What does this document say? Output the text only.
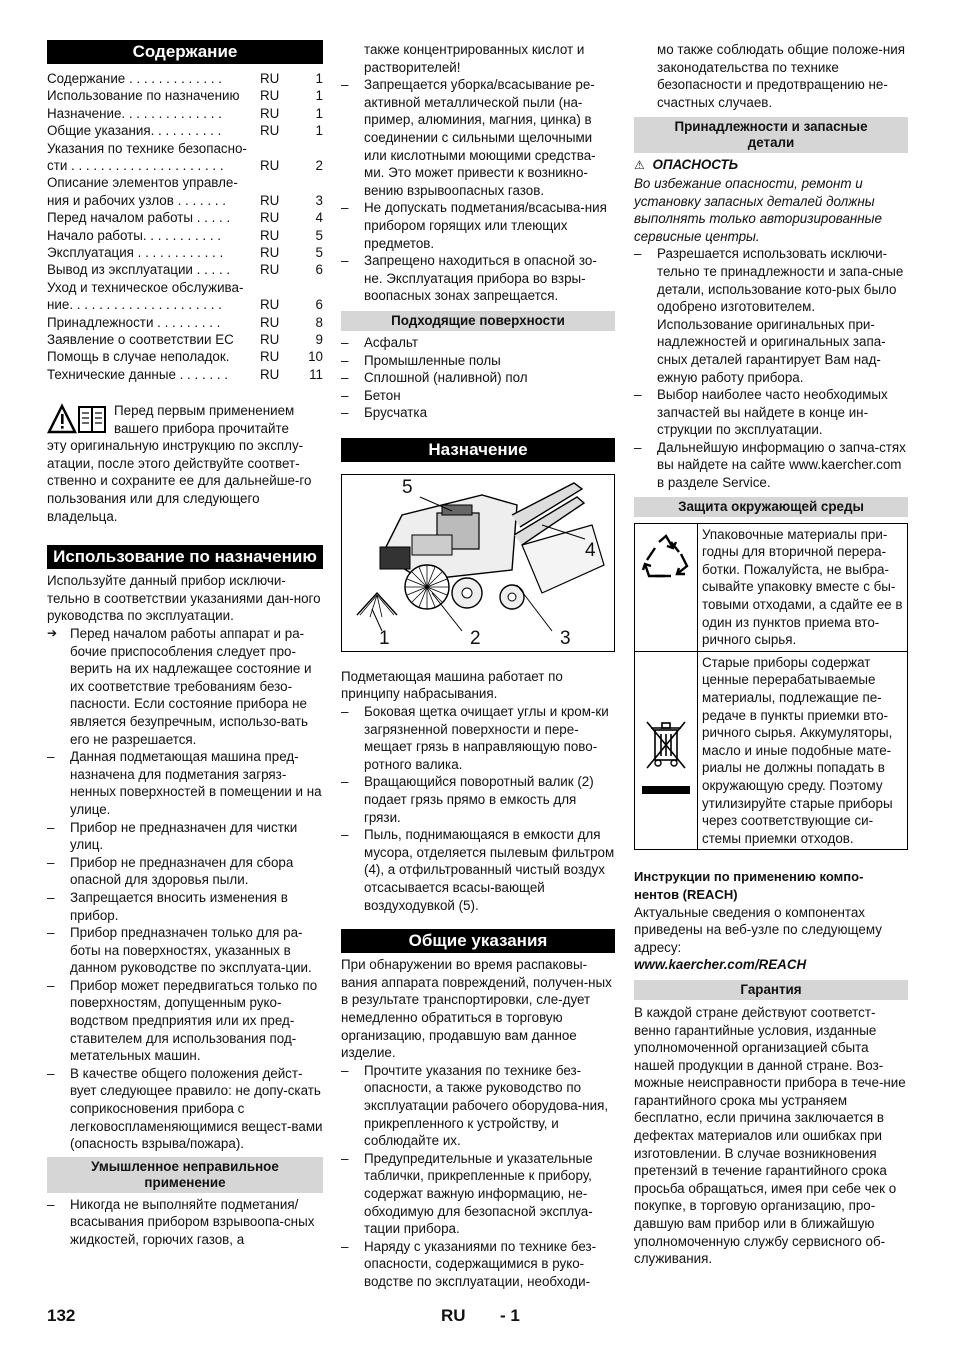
Содержание
Содержание . . . . . . . . . . . . .	RU	1
Использование по назначению	RU	1
Назначение. . . . . . . . . . . . . .	RU	1
Общие указания. . . . . . . . . .	RU	1
Указания по технике безопасно-
сти . . . . . . . . . . . . . . . . . . . . .	RU	2
Описание элементов управле-
ния и рабочих узлов . . . . . . .	RU	3
Перед началом работы . . . . .	RU	4
Начало работы. . . . . . . . . . .	RU	5
Эксплуатация . . . . . . . . . . . .	RU	5
Вывод из эксплуатации . . . . .	RU	6
Уход и техническое обслужива-
ние. . . . . . . . . . . . . . . . . . . . .	RU	6
Принадлежности . . . . . . . . .	RU	8
Заявление о соответствии ЕС	RU	9
Помощь в случае неполадок.	RU	10
Технические данные . . . . . . .	RU	11
Перед первым применением
вашего прибора прочитайте
эту оригинальную инструкцию по эксплу-атации, после этого действуйте соответ-ственно и сохраните ее для дальнейше-го пользования или для следующего владельца.
Использование по назначению
Используйте данный прибор исключи-тельно в соответствии указаниями дан-ного руководства по эксплуатации.
➔ Перед началом работы аппарат и ра-бочие приспособления следует про-верить на их надлежащее состояние и их соответствие требованиям безо-пасности. Если состояние прибора не является безупречным, использо-вать его не разрешается.
– Данная подметающая машина пред-назначена для подметания загряз-ненных поверхностей в помещении и на улице.
– Прибор не предназначен для чистки улиц.
– Прибор не предназначен для сбора опасной для здоровья пыли.
– Запрещается вносить изменения в прибор.
– Прибор предназначен только для ра-боты на поверхностях, указанных в данном руководстве по эксплуата-ции.
– Прибор может передвигаться только по поверхностям, допущенным руко-водством предприятия или их пред-ставителем для использования под-метательных машин.
– В качестве общего положения дейст-вует следующее правило: не допу-скать соприкосновения прибора с легковоспламеняющимися вещест-вами (опасность взрыва/пожара).
Умышленное неправильное применение
– Никогда не выполняйте подметания/ всасывания прибором взрывоопа-сных жидкостей, горючих газов, а
также концентрированных кислот и растворителей!
– Запрещается уборка/всасывание ре-активной металлической пыли (на-пример, алюминия, магния, цинка) в соединении с сильными щелочными или кислотными моющими средства-ми. Это может привести к возникно-вению взрывоопасных газов.
– Не допускать подметания/всасыва-ния прибором горящих или тлеющих предметов.
– Запрещено находиться в опасной зо-не. Эксплуатация прибора во взры-воопасных зонах запрещается.
Подходящие поверхности
– Асфальт
– Промышленные полы
– Сплошной (наливной) пол
– Бетон
– Брусчатка
Назначение
5
4
1	2	3
Подметающая машина работает по принципу набрасывания.
– Боковая щетка очищает углы и кром-ки загрязненной поверхности и пере-мещает грязь в направляющую пово-ротного валика.
– Вращающийся поворотный валик (2) подает грязь прямо в емкость для грязи.
– Пыль, поднимающаяся в емкости для мусора, отделяется пылевым фильтром (4), а отфильтрованный чистый воздух отсасывается всасы-вающей воздуходувкой (5).
Общие указания
При обнаружении во время распаковы-вания аппарата повреждений, получен-ных в результате транспортировки, сле-дует немедленно обратиться в торговую организацию, продавшую вам данное изделие.
– Прочтите указания по технике без-опасности, а также руководство по эксплуатации рабочего оборудова-ния, прикрепленного к устройству, и соблюдайте их.
– Предупредительные и указательные таблички, прикрепленные к прибору, содержат важную информацию, не-обходимую для безопасной эксплуа-тации прибора.
– Наряду с указаниями по технике без-опасности, содержащимися в руко-водстве по эксплуатации, необходи-
мо также соблюдать общие положе-ния законодательства по технике безопасности и предотвращению не-счастных случаев.
Принадлежности и запасные детали
⚠ ОПАСНОСТЬ
Во избежание опасности, ремонт и установку запасных деталей должны выполнять только авторизированные сервисные центры.
– Разрешается использовать исключи-тельно те принадлежности и запа-сные детали, использование кото-рых было одобрено изготовителем. Использование оригинальных при-надлежностей и оригинальных запа-сных деталей гарантирует Вам над-ежную работу прибора.
– Выбор наиболее часто необходимых запчастей вы найдете в конце ин-струкции по эксплуатации.
– Дальнейшую информацию о запча-стях вы найдете на сайте www.kaercher.com в разделе Service.
Защита окружающей среды
Упаковочные материалы при-годны для вторичной перера-ботки. Пожалуйста, не выбра-сывайте упаковку вместе с бы-товыми отходами, а сдайте ее в один из пунктов приема вто-ричного сырья.
Старые приборы содержат ценные перерабатываемые материалы, подлежащие пе-редаче в пункты приемки вто-ричного сырья. Аккумуляторы, масло и иные подобные мате-риалы не должны попадать в окружающую среду. Поэтому утилизируйте старые приборы через соответствующие си-стемы приемки отходов.
Инструкции по применению компо-нентов (REACH)
Актуальные сведения о компонентах приведены на веб-узле по следующему адресу:
www.kaercher.com/REACH
Гарантия
В каждой стране действуют соответст-венно гарантийные условия, изданные уполномоченной организацией сбыта нашей продукции в данной стране. Воз-можные неисправности прибора в тече-ние гарантийного срока мы устраняем бесплатно, если причина заключается в дефектах материалов или ошибках при изготовлении. В случае возникновения претензий в течение гарантийного срока просьба обращаться, имея при себе чек о покупке, в торговую организацию, про-давшую вам прибор или в ближайшую уполномоченную службу сервисного об-служивания.
132	RU - 1
